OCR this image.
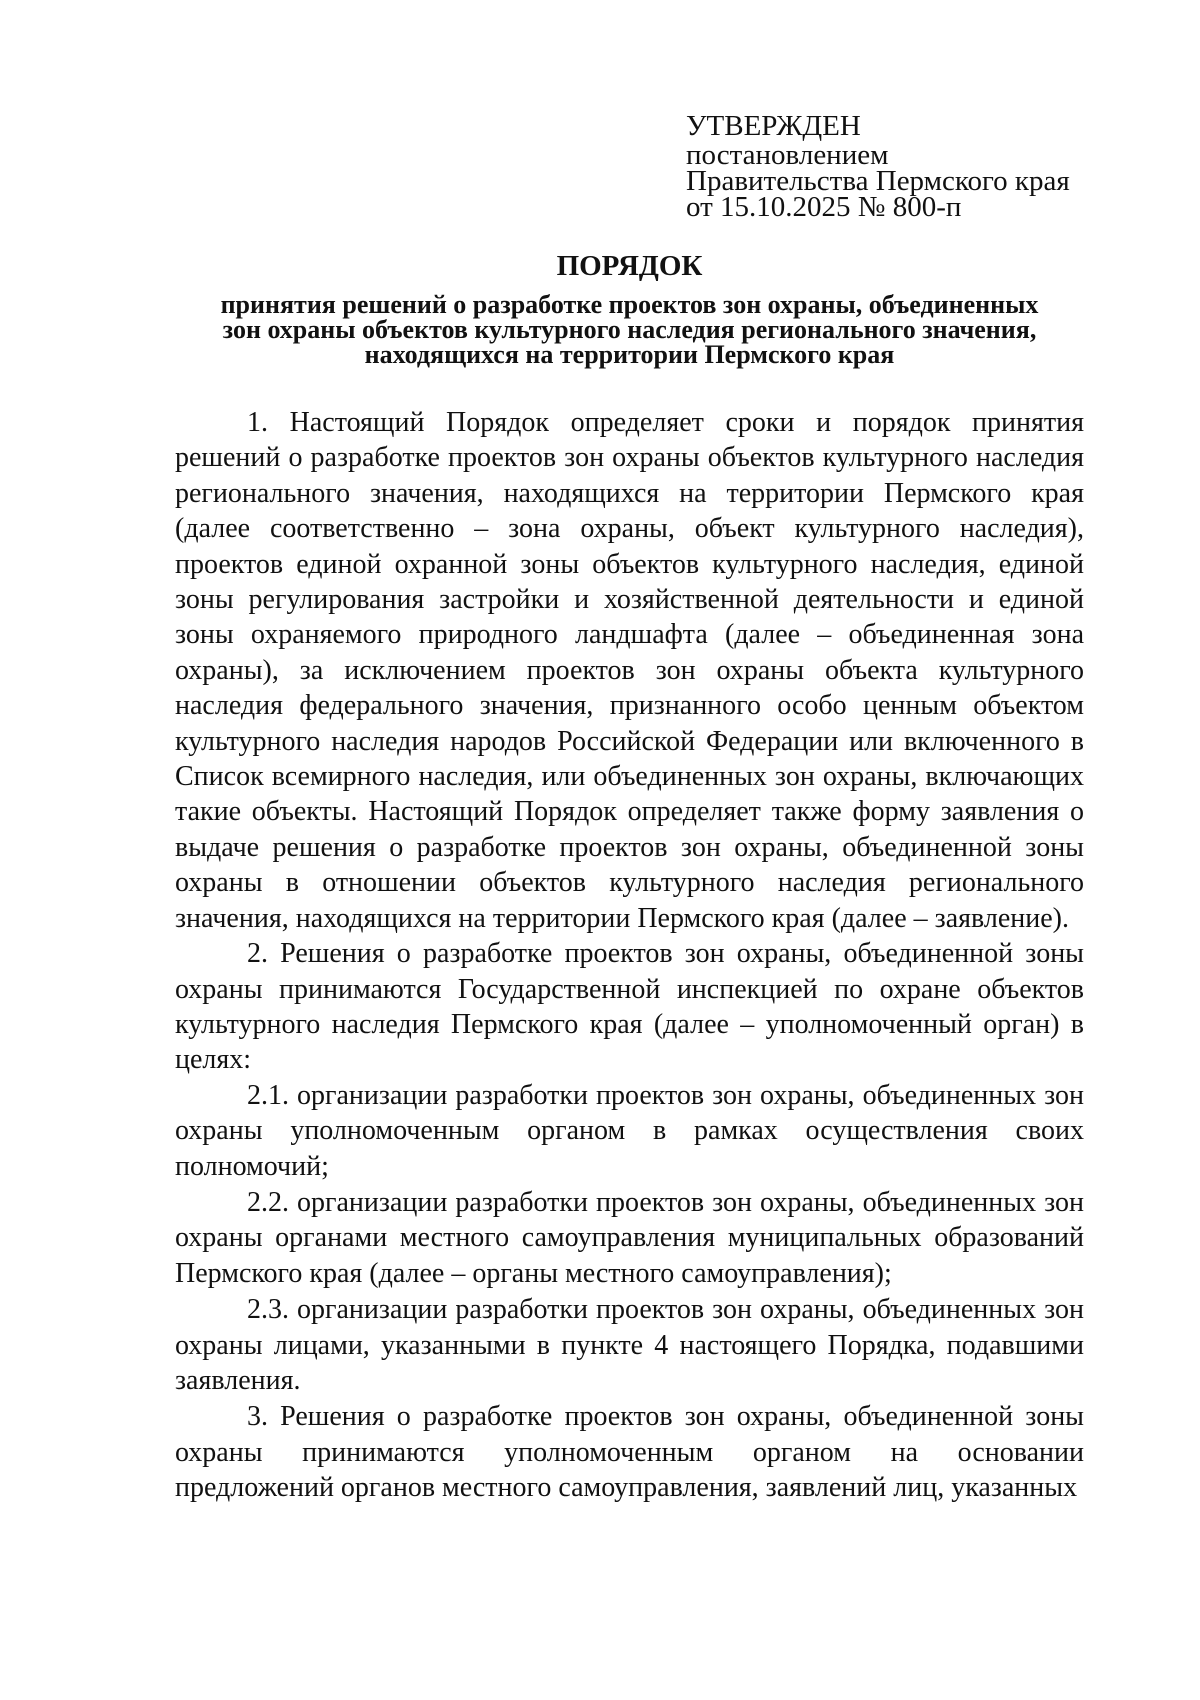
УТВЕРЖДЕН
постановлением
Правительства Пермского края
от 15.10.2025 № 800-п
ПОРЯДОК
принятия решений о разработке проектов зон охраны, объединенных
зон охраны объектов культурного наследия регионального значения,
находящихся на территории Пермского края

1. Настоящий Порядок определяет сроки и порядок принятия решений о разработке проектов зон охраны объектов культурного наследия регионального значения, находящихся на территории Пермского края (далее соответственно – зона охраны, объект культурного наследия), проектов единой охранной зоны объектов культурного наследия, единой зоны регулирования застройки и хозяйственной деятельности и единой зоны охраняемого природного ландшафта (далее – объединенная зона охраны), за исключением проектов зон охраны объекта культурного наследия федерального значения, признанного особо ценным объектом культурного наследия народов Российской Федерации или включенного в Список всемирного наследия, или объединенных зон охраны, включающих такие объекты. Настоящий Порядок определяет также форму заявления о выдаче решения о разработке проектов зон охраны, объединенной зоны охраны в отношении объектов культурного наследия регионального значения, находящихся на территории Пермского края (далее – заявление).

2. Решения о разработке проектов зон охраны, объединенной зоны охраны принимаются Государственной инспекцией по охране объектов культурного наследия Пермского края (далее – уполномоченный орган) в целях:

2.1. организации разработки проектов зон охраны, объединенных зон охраны уполномоченным органом в рамках осуществления своих полномочий;

2.2. организации разработки проектов зон охраны, объединенных зон охраны органами местного самоуправления муниципальных образований Пермского края (далее – органы местного самоуправления);

2.3. организации разработки проектов зон охраны, объединенных зон охраны лицами, указанными в пункте 4 настоящего Порядка, подавшими заявления.

3. Решения о разработке проектов зон охраны, объединенной зоны охраны принимаются уполномоченным органом на основании предложений органов местного самоуправления, заявлений лиц, указанных
